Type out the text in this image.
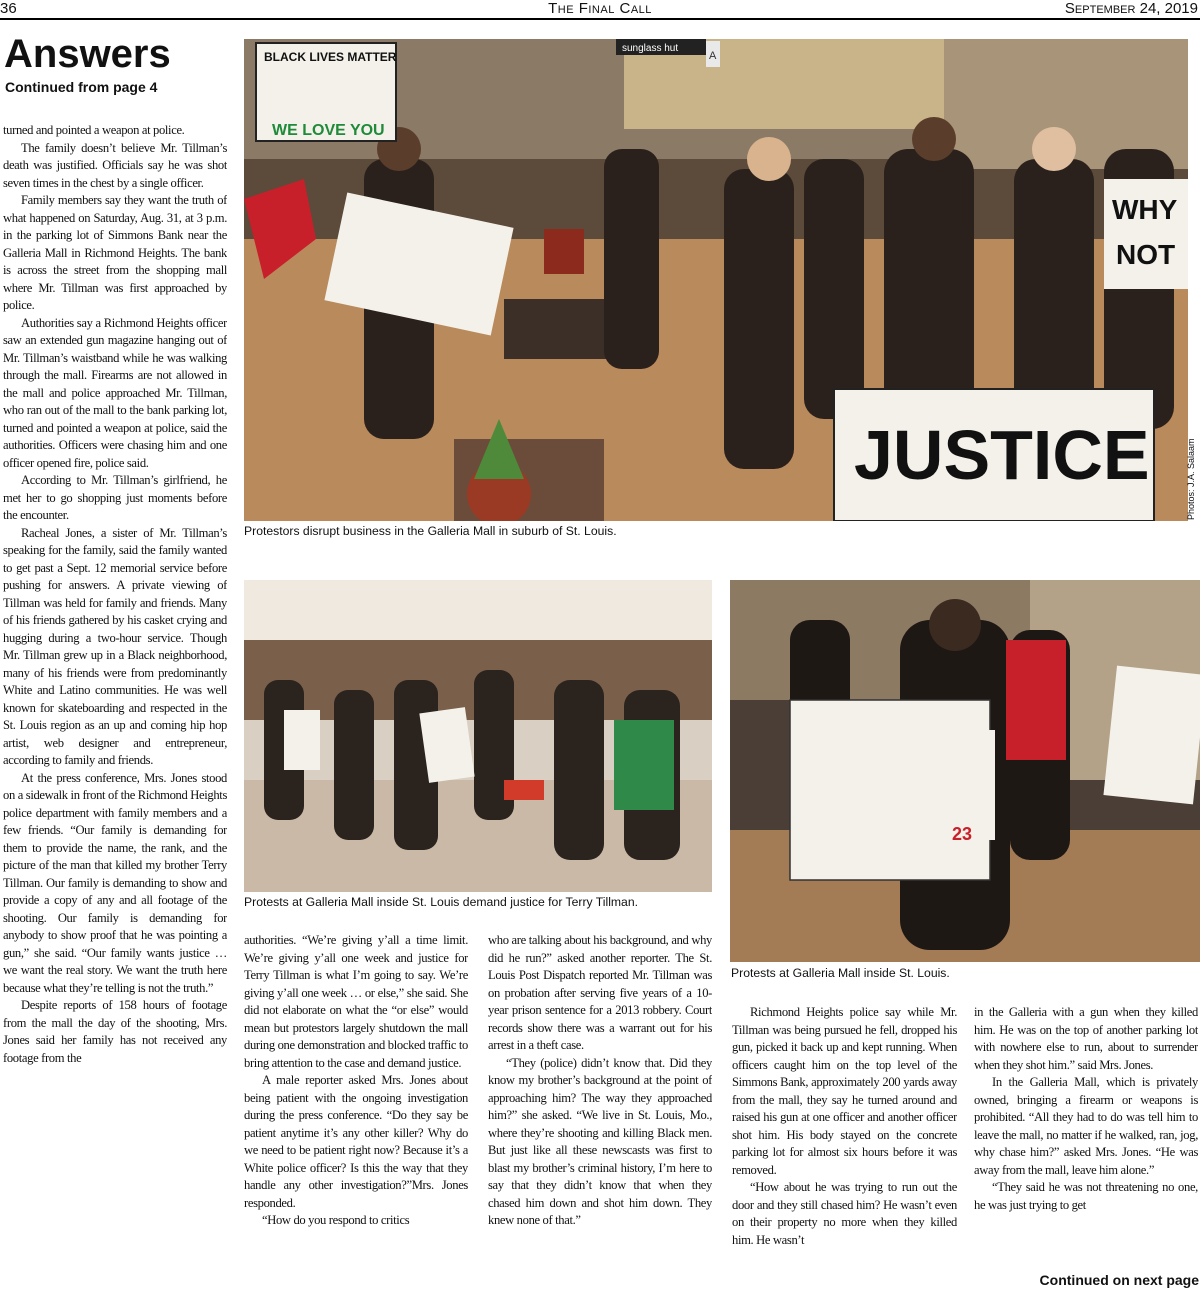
36	The Final Call	September 24, 2019
Answers
Continued from page 4
BLACK LIVES MATTER
WE LOVE YOU
JUSTICE
WHY
NOT
sunglass hut
A
Protestors disrupt business in the Galleria Mall in suburb of St. Louis.
Photos: J.A. Salaam
Protests at Galleria Mall inside St. Louis demand justice for Terry Tillman.
23
Protests at Galleria Mall inside St. Louis.

turned and pointed a weapon at police.

The family doesn’t believe Mr. Tillman’s death was justified. Officials say he was shot seven times in the chest by a single officer.

Family members say they want the truth of what happened on Saturday, Aug. 31, at 3 p.m. in the parking lot of Simmons Bank near the Galleria Mall in Richmond Heights. The bank is across the street from the shopping mall where Mr. Tillman was first approached by police.

Authorities say a Richmond Heights officer saw an extended gun magazine hanging out of Mr. Tillman’s waistband while he was walking through the mall. Firearms are not allowed in the mall and police approached Mr. Tillman, who ran out of the mall to the bank parking lot, turned and pointed a weapon at police, said the authorities. Officers were chasing him and one officer opened fire, police said.

According to Mr. Tillman’s girlfriend, he met her to go shopping just moments before the encounter.

Racheal Jones, a sister of Mr. Tillman’s speaking for the family, said the family wanted to get past a Sept. 12 memorial service before pushing for answers. A private viewing of Tillman was held for family and friends. Many of his friends gathered by his casket crying and hugging during a two-hour service. Though Mr. Tillman grew up in a Black neighborhood, many of his friends were from predominantly White and Latino communities. He was well known for skateboarding and respected in the St. Louis region as an up and coming hip hop artist, web designer and entrepreneur, according to family and friends.

At the press conference, Mrs. Jones stood on a sidewalk in front of the Richmond Heights police department with family members and a few friends. “Our family is demanding for them to provide the name, the rank, and the picture of the man that killed my brother Terry Tillman. Our family is demanding to show and provide a copy of any and all footage of the shooting. Our family is demanding for anybody to show proof that he was pointing a gun,” she said. “Our family wants justice … we want the real story. We want the truth here because what they’re telling is not the truth.”

Despite reports of 158 hours of footage from the mall the day of the shooting, Mrs. Jones said her family has not received any footage from the

authorities. “We’re giving y’all a time limit. We’re giving y’all one week and justice for Terry Tillman is what I’m going to say. We’re giving y’all one week … or else,” she said. She did not elaborate on what the “or else” would mean but protestors largely shutdown the mall during one demonstration and blocked traffic to bring attention to the case and demand justice.

A male reporter asked Mrs. Jones about being patient with the ongoing investigation during the press conference. “Do they say be patient anytime it’s any other killer? Why do we need to be patient right now? Because it’s a White police officer? Is this the way that they handle any other investigation?”Mrs. Jones responded.

“How do you respond to critics

who are talking about his background, and why did he run?” asked another reporter. The St. Louis Post Dispatch reported Mr. Tillman was on probation after serving five years of a 10-year prison sentence for a 2013 robbery. Court records show there was a warrant out for his arrest in a theft case.

“They (police) didn’t know that. Did they know my brother’s background at the point of approaching him? The way they approached him?” she asked. “We live in St. Louis, Mo., where they’re shooting and killing Black men. But just like all these newscasts was first to blast my brother’s criminal history, I’m here to say that they didn’t know that when they chased him down and shot him down. They knew none of that.”

Richmond Heights police say while Mr. Tillman was being pursued he fell, dropped his gun, picked it back up and kept running. When officers caught him on the top level of the Simmons Bank, approximately 200 yards away from the mall, they say he turned around and raised his gun at one officer and another officer shot him. His body stayed on the concrete parking lot for almost six hours before it was removed.

“How about he was trying to run out the door and they still chased him? He wasn’t even on their property no more when they killed him. He wasn’t

in the Galleria with a gun when they killed him. He was on the top of another parking lot with nowhere else to run, about to surrender when they shot him.” said Mrs. Jones.

In the Galleria Mall, which is privately owned, bringing a firearm or weapons is prohibited. “All they had to do was tell him to leave the mall, no matter if he walked, ran, jog, why chase him?” asked Mrs. Jones. “He was away from the mall, leave him alone.”

“They said he was not threatening no one, he was just trying to get

Continued on next page
